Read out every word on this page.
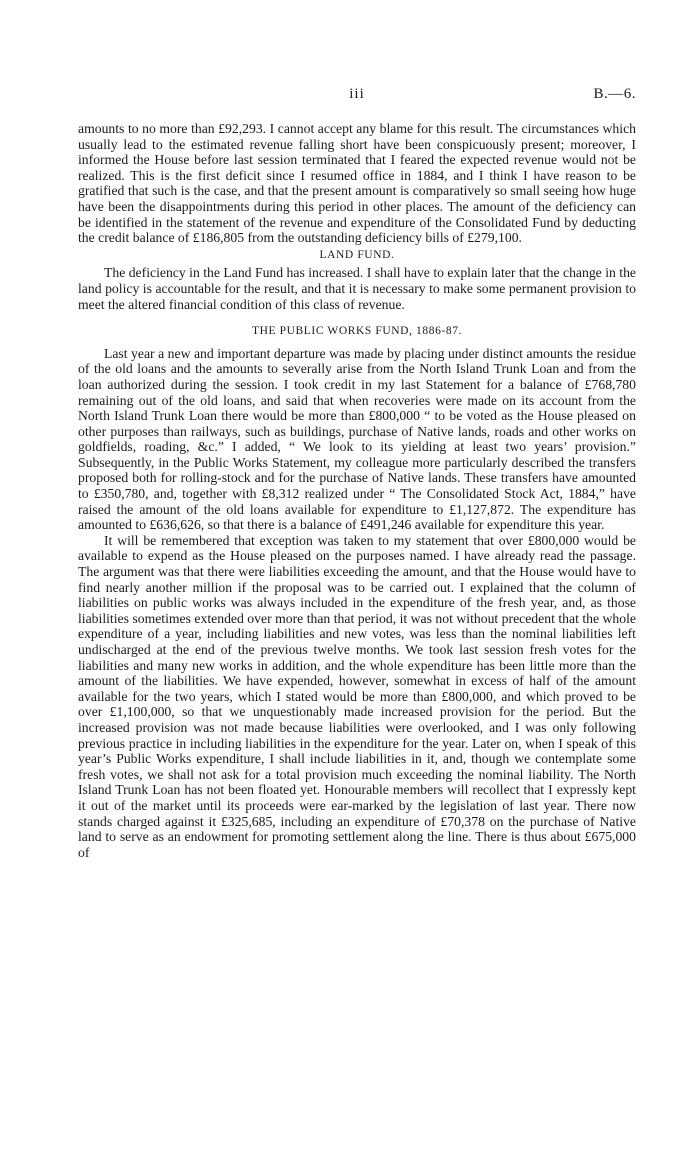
iii	B.—6.

amounts to no more than £92,293. I cannot accept any blame for this result. The circumstances which usually lead to the estimated revenue falling short have been conspicuously present; moreover, I informed the House before last session terminated that I feared the expected revenue would not be realized. This is the first deficit since I resumed office in 1884, and I think I have reason to be gratified that such is the case, and that the present amount is comparatively so small seeing how huge have been the disappointments during this period in other places. The amount of the deficiency can be identified in the statement of the revenue and expenditure of the Consolidated Fund by deducting the credit balance of £186,805 from the outstanding deficiency bills of £279,100.

LAND FUND.

The deficiency in the Land Fund has increased. I shall have to explain later that the change in the land policy is accountable for the result, and that it is necessary to make some permanent provision to meet the altered financial condition of this class of revenue.

THE PUBLIC WORKS FUND, 1886-87.

Last year a new and important departure was made by placing under distinct amounts the residue of the old loans and the amounts to severally arise from the North Island Trunk Loan and from the loan authorized during the session. I took credit in my last Statement for a balance of £768,780 remaining out of the old loans, and said that when recoveries were made on its account from the North Island Trunk Loan there would be more than £800,000 “ to be voted as the House pleased on other purposes than railways, such as buildings, purchase of Native lands, roads and other works on goldfields, roading, &c.” I added, “ We look to its yielding at least two years’ provision.” Subsequently, in the Public Works Statement, my colleague more particularly described the transfers proposed both for rolling-stock and for the purchase of Native lands. These transfers have amounted to £350,780, and, together with £8,312 realized under “ The Consolidated Stock Act, 1884,” have raised the amount of the old loans available for expenditure to £1,127,872. The expenditure has amounted to £636,626, so that there is a balance of £491,246 available for expenditure this year.

It will be remembered that exception was taken to my statement that over £800,000 would be available to expend as the House pleased on the purposes named. I have already read the passage. The argument was that there were liabilities exceeding the amount, and that the House would have to find nearly another million if the proposal was to be carried out. I explained that the column of liabilities on public works was always included in the expenditure of the fresh year, and, as those liabilities sometimes extended over more than that period, it was not without precedent that the whole expenditure of a year, including liabilities and new votes, was less than the nominal liabilities left undischarged at the end of the previous twelve months. We took last session fresh votes for the liabilities and many new works in addition, and the whole expenditure has been little more than the amount of the liabilities. We have expended, however, somewhat in excess of half of the amount available for the two years, which I stated would be more than £800,000, and which proved to be over £1,100,000, so that we unquestionably made increased provision for the period. But the increased provision was not made because liabilities were overlooked, and I was only following previous practice in including liabilities in the expenditure for the year. Later on, when I speak of this year’s Public Works expenditure, I shall include liabilities in it, and, though we contemplate some fresh votes, we shall not ask for a total provision much exceeding the nominal liability. The North Island Trunk Loan has not been floated yet. Honourable members will recollect that I expressly kept it out of the market until its proceeds were ear-marked by the legislation of last year. There now stands charged against it £325,685, including an expenditure of £70,378 on the purchase of Native land to serve as an endowment for promoting settlement along the line. There is thus about £675,000 of
